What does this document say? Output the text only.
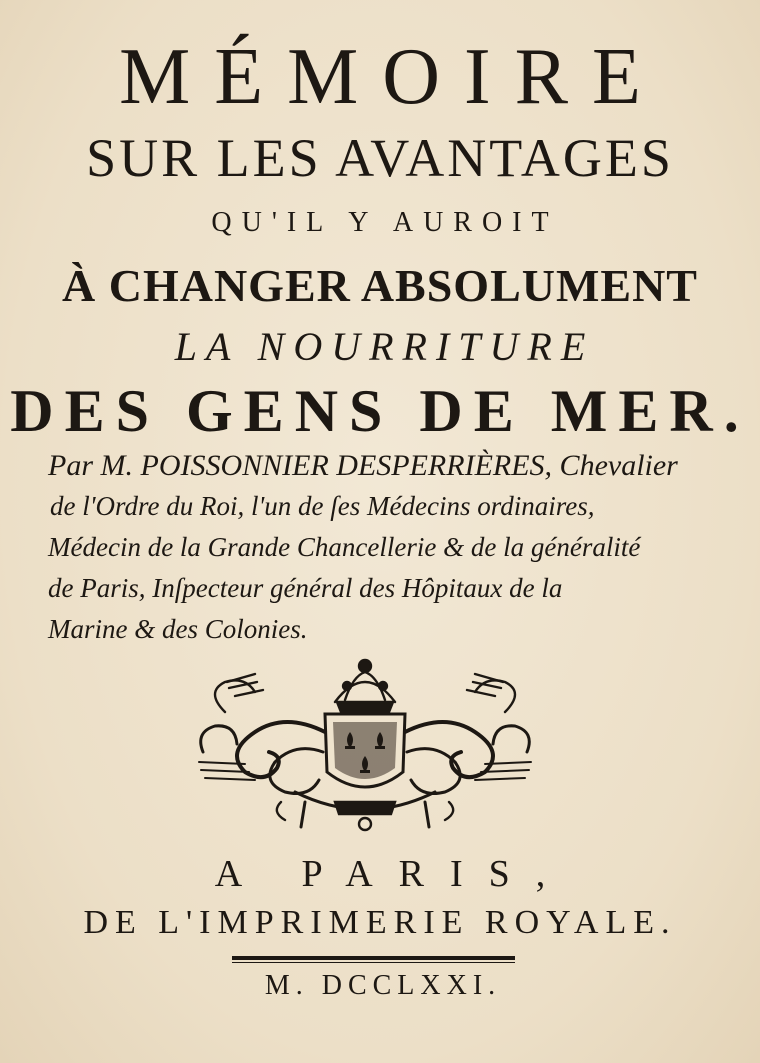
MÉMOIRE
SUR LES AVANTAGES
QU'IL Y AUROIT
À CHANGER ABSOLUMENT
LA NOURRITURE
DES GENS DE MER.
Par M. POISSONNIER DESPERRIÈRES, Chevalier
de l'Ordre du Roi, l'un de ſes Médecins ordinaires,
Médecin de la Grande Chancellerie & de la généralité
de Paris, Inſpecteur général des Hôpitaux de la
Marine & des Colonies.
A PARIS,
DE L'IMPRIMERIE ROYALE.
M. DCCLXXI.
